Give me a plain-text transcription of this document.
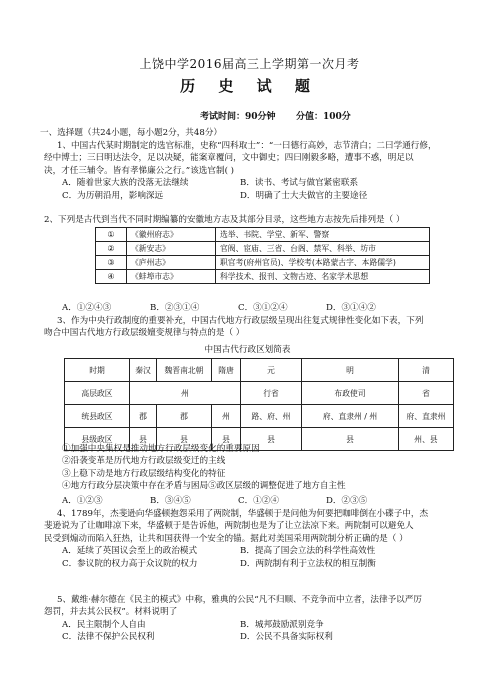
上饶中学2016届高三上学期第一次月考
历 史 试 题
考试时间：90分钟 分值：100分
一、选择题（共24小题，每小题2分，共48分）

1、中国古代某时期制定的选官标准，史称“四科取士”：“一曰德行高妙，志节清白；二曰学通行修，

经中博士；三曰明达法令，足以决疑，能案章覆问，文中御史；四曰刚毅多略，遭事不惑，明足以

决，才任三辅令。皆有孝悌廉公之行。”该选官制( )

A．随着世家大族的没落无法继续	B．读书、考试与做官紧密联系
C．为历朝沿用，影响深远	D．明确了士大夫做官的主要途径
2、下列是古代到当代不同时期编纂的安徽地方志及其部分目录，这些地方志按先后排列是（ ）
①	《徽州府志》	选举、书院、学堂、新军、警察
②	《新安志》	官阀、宦庙、三省、台阁、禁军、科举、坊市
③	《庐州志》	职官考(府州官员)、学校考(本路蒙古字、本路儒学)
④	《蚌埠市志》	科学技术、报刊、文物古迹、名家学术思想
A．①②④③	B．②③①④	C．③①②④	D．③①④②

3、作为中央行政制度的重要补充，中国古代地方行政层级呈现出往复式规律性变化如下表，下列

吻合中国古代地方行政层级嬗变规律与特点的是（ ）

中国古代行政区划简表
时期	秦汉	魏晋南北朝	隋唐	元	明	清
高层政区	州			行省	布政使司	省
统县政区	郡	郡	州	路、府、州	府、直隶州 / 州	府、直隶州
县级政区	县	县	县	县	县	州、县

①加强中央集权是推动地方行政层级变化的重要原因

②沿袭变革是历代地方行政层级变迁的主线

③上稳下动是地方行政层级结构变化的特征

④地方行政分层决策中存在矛盾与困局⑤政区层级的调整促进了地方自主性

A．①②③	B．③④⑤	C．①②④	D．②③⑤

4、1789年，杰斐逊向华盛顿抱怨采用了两院制，华盛顿于是问他为何要把咖啡倒在小碟子中，杰

斐逊说为了让咖啡凉下来，华盛顿于是告诉他，两院制也是为了让立法凉下来。两院制可以避免人

民受到煽动而陷入狂热，让共和国获得一个安全的锚。据此对美国采用两院制分析正确的是（ ）

A．延续了英国议会至上的政治模式	B．提高了国会立法的科学性高效性
C．参议院的权力高于众议院的权力	D．两院制有利于立法权的相互制衡

5、戴维·赫尔德在《民主的模式》中称，雅典的公民“凡不归顺、不竞争而中立者，法律予以严厉

怨罚，并去其公民权”。材料说明了

A．民主限制个人自由	B．城邦鼓励派别竞争
C．法律不保护公民权利	D．公民不具备实际权利
